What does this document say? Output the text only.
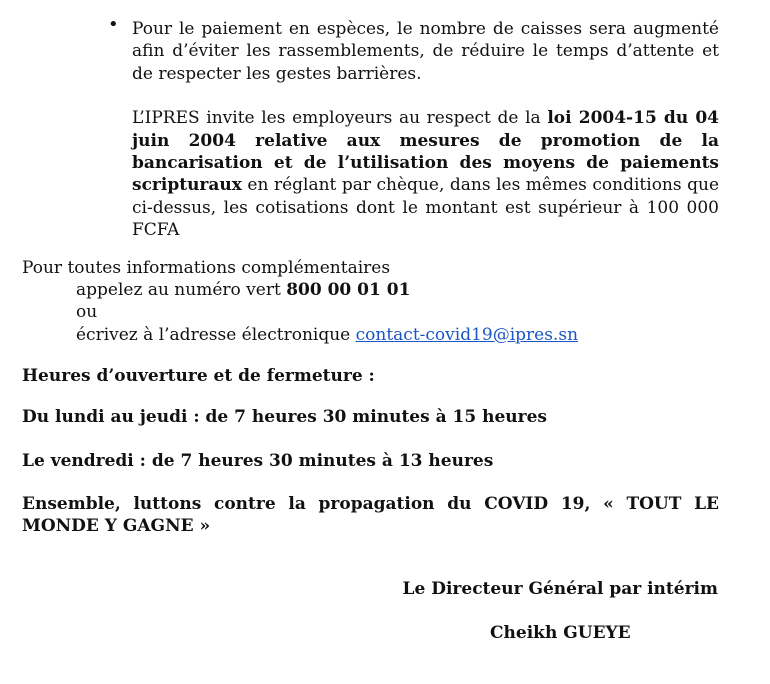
• Pour le paiement en espèces, le nombre de caisses sera augmenté afin d’éviter les rassemblements, de réduire le temps d’attente et de respecter les gestes barrières.

L’IPRES invite les employeurs au respect de la loi 2004-15 du 04 juin 2004 relative aux mesures de promotion de la bancarisation et de l’utilisation des moyens de paiements scripturaux en réglant par chèque, dans les mêmes conditions que ci-dessus, les cotisations dont le montant est supérieur à 100 000 FCFA

Pour toutes informations complémentaires
appelez au numéro vert 800 00 01 01
ou
écrivez à l’adresse électronique contact-covid19@ipres.sn
Heures d’ouverture et de fermeture :
Du lundi au jeudi : de 7 heures 30 minutes à 15 heures
Le vendredi : de 7 heures 30 minutes à 13 heures

Ensemble, luttons contre la propagation du COVID 19, « TOUT LE MONDE Y GAGNE »

Le Directeur Général par intérim
Cheikh GUEYE
